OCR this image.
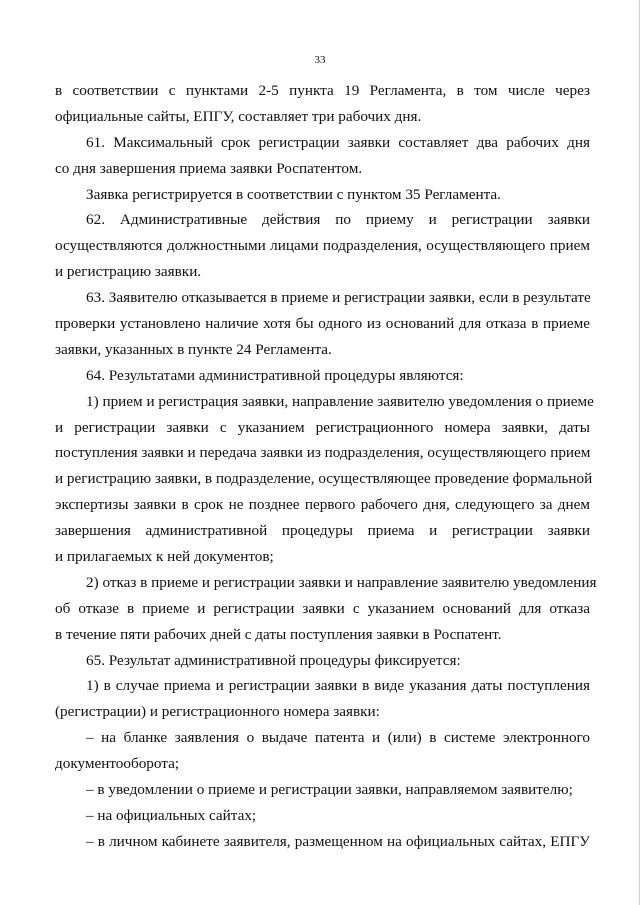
33
в соответствии с пунктами 2-5 пункта 19 Регламента, в том числе через
официальные сайты, ЕПГУ, составляет три рабочих дня.
61. Максимальный срок регистрации заявки составляет два рабочих дня
со дня завершения приема заявки Роспатентом.
Заявка регистрируется в соответствии с пунктом 35 Регламента.
62. Административные действия по приему и регистрации заявки
осуществляются должностными лицами подразделения, осуществляющего прием
и регистрацию заявки.
63. Заявителю отказывается в приеме и регистрации заявки, если в результате
проверки установлено наличие хотя бы одного из оснований для отказа в приеме
заявки, указанных в пункте 24 Регламента.
64. Результатами административной процедуры являются:
1) прием и регистрация заявки, направление заявителю уведомления о приеме
и регистрации заявки с указанием регистрационного номера заявки, даты
поступления заявки и передача заявки из подразделения, осуществляющего прием
и регистрацию заявки, в подразделение, осуществляющее проведение формальной
экспертизы заявки в срок не позднее первого рабочего дня, следующего за днем
завершения административной процедуры приема и регистрации заявки
и прилагаемых к ней документов;
2) отказ в приеме и регистрации заявки и направление заявителю уведомления
об отказе в приеме и регистрации заявки с указанием оснований для отказа
в течение пяти рабочих дней с даты поступления заявки в Роспатент.
65. Результат административной процедуры фиксируется:
1) в случае приема и регистрации заявки в виде указания даты поступления
(регистрации) и регистрационного номера заявки:
– на бланке заявления о выдаче патента и (или) в системе электронного
документооборота;
– в уведомлении о приеме и регистрации заявки, направляемом заявителю;
– на официальных сайтах;
– в личном кабинете заявителя, размещенном на официальных сайтах, ЕПГУ
